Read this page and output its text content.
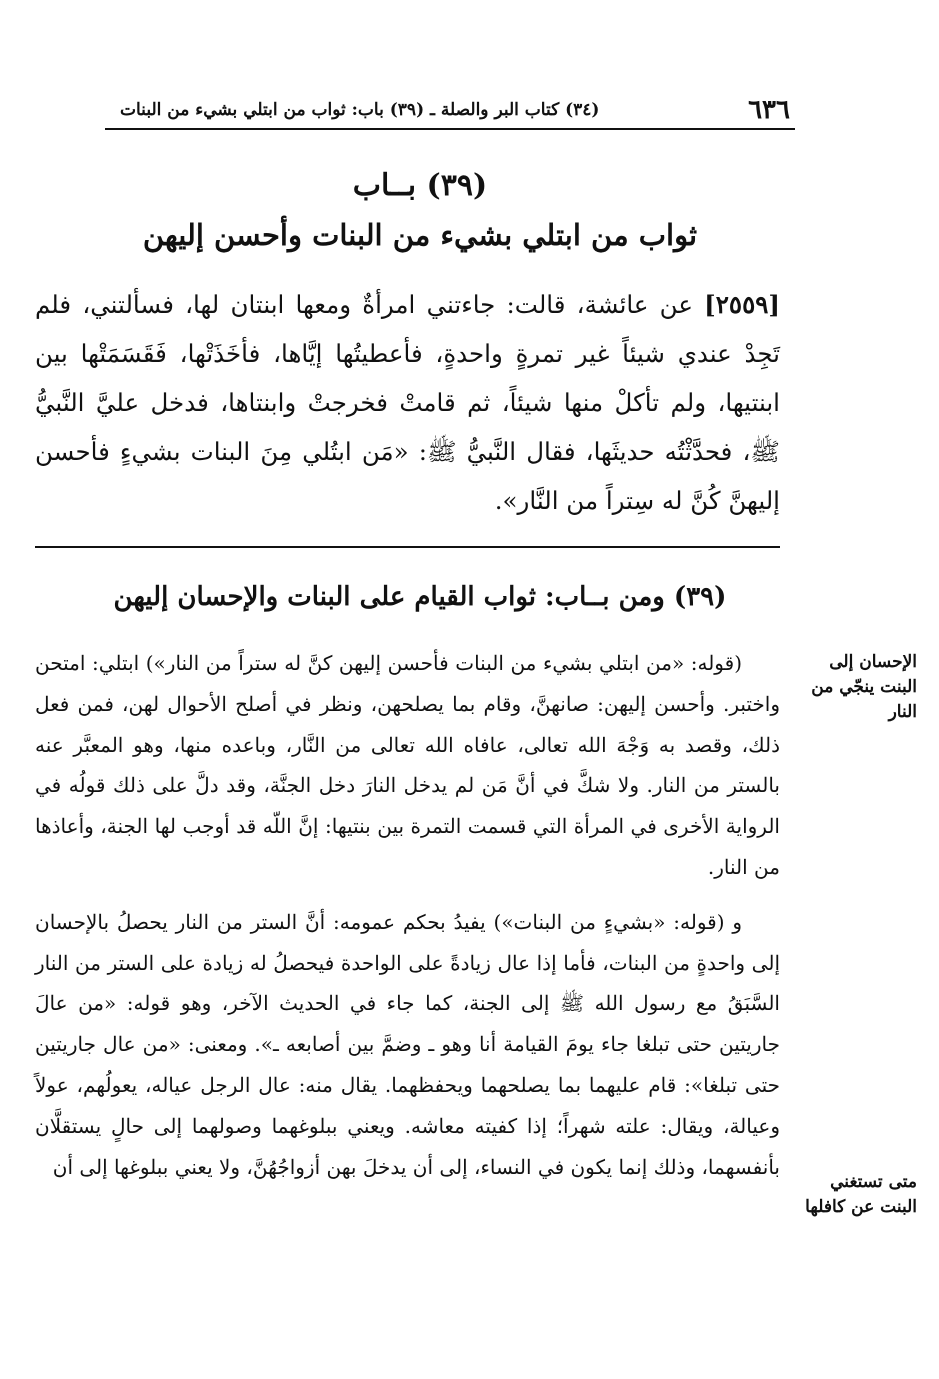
٦٣٦
(٣٤) كتاب البر والصلة ـ (٣٩) باب: ثواب من ابتلي بشيء من البنات
(٣٩) بــاب
ثواب من ابتلي بشيء من البنات وأحسن إليهن
[٢٥٥٩] عن عائشة، قالت: جاءتني امرأةٌ ومعها ابنتان لها، فسألتني، فلم تَجِدْ عندي شيئاً غير تمرةٍ واحدةٍ، فأعطيتُها إيَّاها، فأخَذَتْها، فَقَسَمَتْها بين ابنتيها، ولم تأكلْ منها شيئاً، ثم قامتْ فخرجتْ وابنتاها، فدخل عليَّ النَّبيُّ ﷺ، فحدَّثْتُه حديثَها، فقال النَّبيُّ ﷺ: «مَن ابتُلي مِنَ البنات بشيءٍ فأحسن إليهنَّ كُنَّ له سِتراً من النَّار».
(٣٩) ومن بــاب: ثواب القيام على البنات والإحسان إليهن

(قوله: «من ابتلي بشيء من البنات فأحسن إليهن كنَّ له ستراً من النار») ابتلي: امتحن واختبر. وأحسن إليهن: صانهنَّ، وقام بما يصلحهن، ونظر في أصلح الأحوال لهن، فمن فعل ذلك، وقصد به وَجْهَ الله تعالى، عافاه الله تعالى من النَّار، وباعده منها، وهو المعبَّر عنه بالستر من النار. ولا شكَّ في أنَّ مَن لم يدخل النارَ دخل الجنَّة، وقد دلَّ على ذلك قولُه في الرواية الأخرى في المرأة التي قسمت التمرة بين بنتيها: إنَّ اللّه قد أوجب لها الجنة، وأعاذها من النار.

و (قوله: «بشيءٍ من البنات») يفيدُ بحكم عمومه: أنَّ الستر من النار يحصلُ بالإحسان إلى واحدةٍ من البنات، فأما إذا عال زيادةً على الواحدة فيحصلُ له زيادة على الستر من النار السَّبَقُ مع رسول الله ﷺ إلى الجنة، كما جاء في الحديث الآخر، وهو قوله: «من عالَ جاريتين حتى تبلغا جاء يومَ القيامة أنا وهو ـ وضمَّ بين أصابعه ـ». ومعنى: «من عال جاريتين حتى تبلغا»: قام عليهما بما يصلحهما ويحفظهما. يقال منه: عال الرجل عياله، يعولُهم، عولاً وعيالة، ويقال: علته شهراً؛ إذا كفيته معاشه. ويعني ببلوغهما وصولهما إلى حالٍ يستقلَّان بأنفسهما، وذلك إنما يكون في النساء، إلى أن يدخلَ بهن أزواجُهُنَّ، ولا يعني ببلوغها إلى أن

الإحسان إلى البنت ينجّي من النار
متى تستغني البنت عن كافلها
